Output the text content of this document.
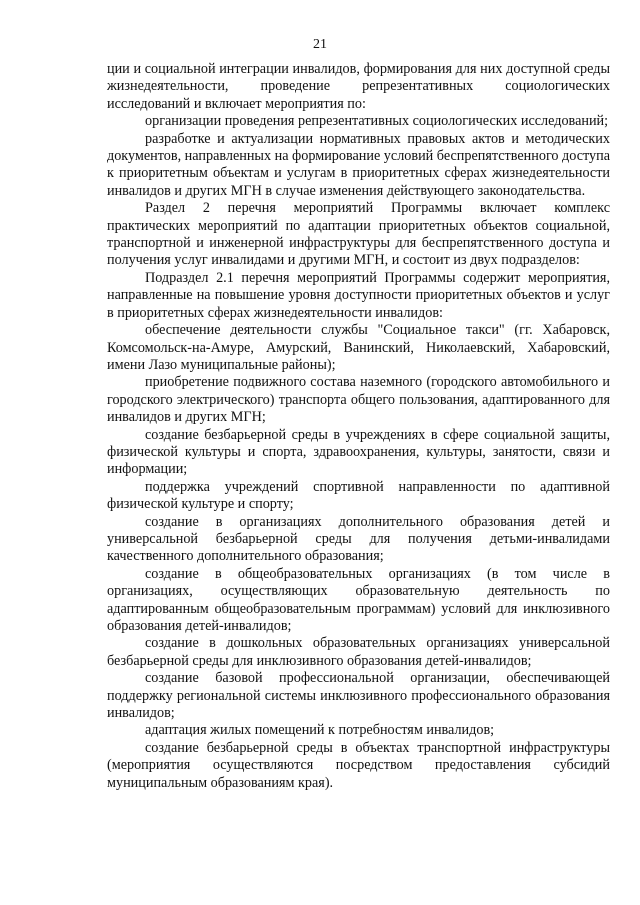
21

ции и социальной интеграции инвалидов, формирования для них доступной среды жизнедеятельности, проведение репрезентативных социологических исследований и включает мероприятия по:

организации проведения репрезентативных социологических исследований;

разработке и актуализации нормативных правовых актов и методических документов, направленных на формирование условий беспрепятственного доступа к приоритетным объектам и услугам в приоритетных сферах жизнедеятельности инвалидов и других МГН в случае изменения действующего законодательства.

Раздел 2 перечня мероприятий Программы включает комплекс практических мероприятий по адаптации приоритетных объектов социальной, транспортной и инженерной инфраструктуры для беспрепятственного доступа и получения услуг инвалидами и другими МГН, и состоит из двух подразделов:

Подраздел 2.1 перечня мероприятий Программы содержит мероприятия, направленные на повышение уровня доступности приоритетных объектов и услуг в приоритетных сферах жизнедеятельности инвалидов:

обеспечение деятельности службы "Социальное такси" (гг. Хабаровск, Комсомольск-на-Амуре, Амурский, Ванинский, Николаевский, Хабаровский, имени Лазо муниципальные районы);

приобретение подвижного состава наземного (городского автомобильного и городского электрического) транспорта общего пользования, адаптированного для инвалидов и других МГН;

создание безбарьерной среды в учреждениях в сфере социальной защиты, физической культуры и спорта, здравоохранения, культуры, занятости, связи и информации;

поддержка учреждений спортивной направленности по адаптивной физической культуре и спорту;

создание в организациях дополнительного образования детей и универсальной безбарьерной среды для получения детьми-инвалидами качественного дополнительного образования;

создание в общеобразовательных организациях (в том числе в организациях, осуществляющих образовательную деятельность по адаптированным общеобразовательным программам) условий для инклюзивного образования детей-инвалидов;

создание в дошкольных образовательных организациях универсальной безбарьерной среды для инклюзивного образования детей-инвалидов;

создание базовой профессиональной организации, обеспечивающей поддержку региональной системы инклюзивного профессионального образования инвалидов;

адаптация жилых помещений к потребностям инвалидов;

создание безбарьерной среды в объектах транспортной инфраструктуры (мероприятия осуществляются посредством предоставления субсидий муниципальным образованиям края).
